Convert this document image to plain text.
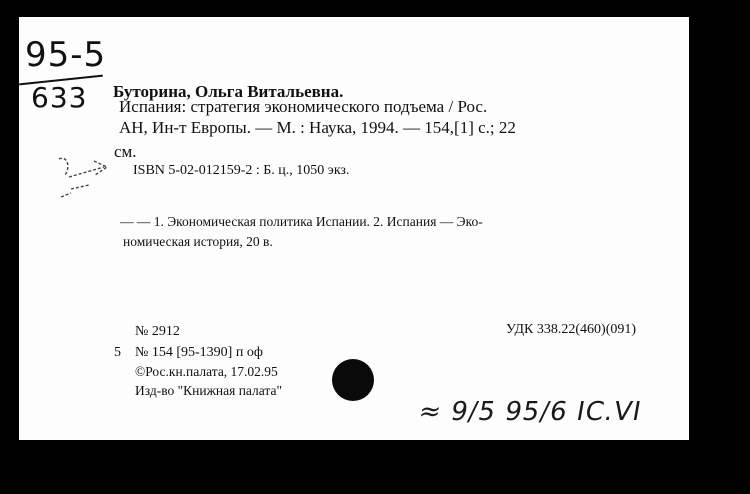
95-5
633 Буторина, Ольга Витальевна.
Испания: стратегия экономического подъема / Рос.
АН, Ин-т Европы. — М. : Наука, 1994. — 154,[1] с.; 22
см.
ISBN 5-02-012159-2 : Б. ц., 1050 экз.
— — 1. Экономическая политика Испании. 2. Испания — Эко-
номическая история, 20 в.
№ 2912	УДК 338.22(460)(091)
5 № 154 [95-1390] п оф
©Рос.кн.палата, 17.02.95
Изд-во "Книжная палата"
≈ 9/5 95/6 IC.VI
